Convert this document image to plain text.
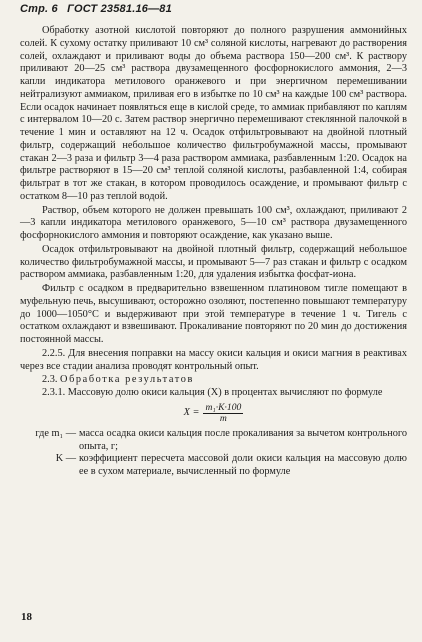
Стр. 6 ГОСТ 23581.16—81

Обработку азотной кислотой повторяют до полного разрушения аммонийных солей. К сухому остатку приливают 10 см³ соляной кислоты, нагревают до растворения солей, охлаждают и приливают воды до объема раствора 150—200 см³. К раствору приливают 20—25 см³ раствора двузамещенного фосфорнокислого аммония, 2—3 капли индикатора метилового оранжевого и при энергичном перемешивании нейтрализуют аммиаком, приливая его в избытке по 10 см³ на каждые 100 см³ раствора. Если осадок начинает появляться еще в кислой среде, то аммиак прибавляют по каплям с интервалом 10—20 с. Затем раствор энергично перемешивают стеклянной палочкой в течение 1 мин и оставляют на 12 ч. Осадок отфильтровывают на двойной плотный фильтр, содержащий небольшое количество фильтробумажной массы, промывают стакан 2—3 раза и фильтр 3—4 раза раствором аммиака, разбавленным 1:20. Осадок на фильтре растворяют в 15—20 см³ теплой соляной кислоты, разбавленной 1:4, собирая фильтрат в тот же стакан, в котором проводилось осаждение, и промывают фильтр с остатком 8—10 раз теплой водой.

Раствор, объем которого не должен превышать 100 см³, охлаждают, приливают 2—3 капли индикатора метилового оранжевого, 5—10 см³ раствора двузамещенного фосфорнокислого аммония и повторяют осаждение, как указано выше.

Осадок отфильтровывают на двойной плотный фильтр, содержащий небольшое количество фильтробумажной массы, и промывают 5—7 раз стакан и фильтр с осадком раствором аммиака, разбавленным 1:20, для удаления избытка фосфат-иона.

Фильтр с осадком в предварительно взвешенном платиновом тигле помещают в муфельную печь, высушивают, осторожно озоляют, постепенно повышают температуру до 1000—1050°С и выдерживают при этой температуре в течение 1 ч. Тигель с остатком охлаждают и взвешивают. Прокаливание повторяют по 20 мин до достижения постоянной массы.

2.2.5. Для внесения поправки на массу окиси кальция и окиси магния в реактивах через все стадии анализа проводят контрольный опыт.

2.3. Обработка результатов

2.3.1. Массовую долю окиси кальция (X) в процентах вычисляют по формуле

$X = \frac{\text{m₁·K·100}}{m}$
где m₁ — масса осадка окиси кальция после прокаливания за вычетом контрольного опыта, г;
K — коэффициент пересчета массовой доли окиси кальция на массовую долю ее в сухом материале, вычисленный по формуле
18
